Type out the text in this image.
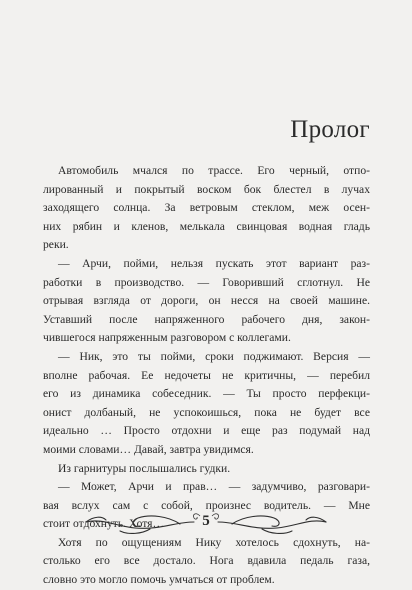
Пролог
Автомобиль мчался по трассе. Его черный, отпо-
лированный и покрытый воском бок блестел в лучах
заходящего солнца. За ветровым стеклом, меж осен-
них рябин и кленов, мелькала свинцовая водная гладь
реки.
— Арчи, пойми, нельзя пускать этот вариант раз-
работки в производство. — Говоривший сглотнул. Не
отрывая взгляда от дороги, он несся на своей машине.
Уставший после напряженного рабочего дня, закон-
чившегося напряженным разговором с коллегами.
— Ник, это ты пойми, сроки поджимают. Версия —
вполне рабочая. Ее недочеты не критичны, — перебил
его из динамика собеседник. — Ты просто перфекци-
онист долбаный, не успокоишься, пока не будет все
идеально … Просто отдохни и еще раз подумай над
моими словами… Давай, завтра увидимся.
Из гарнитуры послышались гудки.
— Может, Арчи и прав… — задумчиво, разговари-
вая вслух сам с собой, произнес водитель. — Мне
стоит отдохнуть. Хотя…
Хотя по ощущениям Нику хотелось сдохнуть, на-
столько его все достало. Нога вдавила педаль газа,
словно это могло помочь умчаться от проблем.
5
